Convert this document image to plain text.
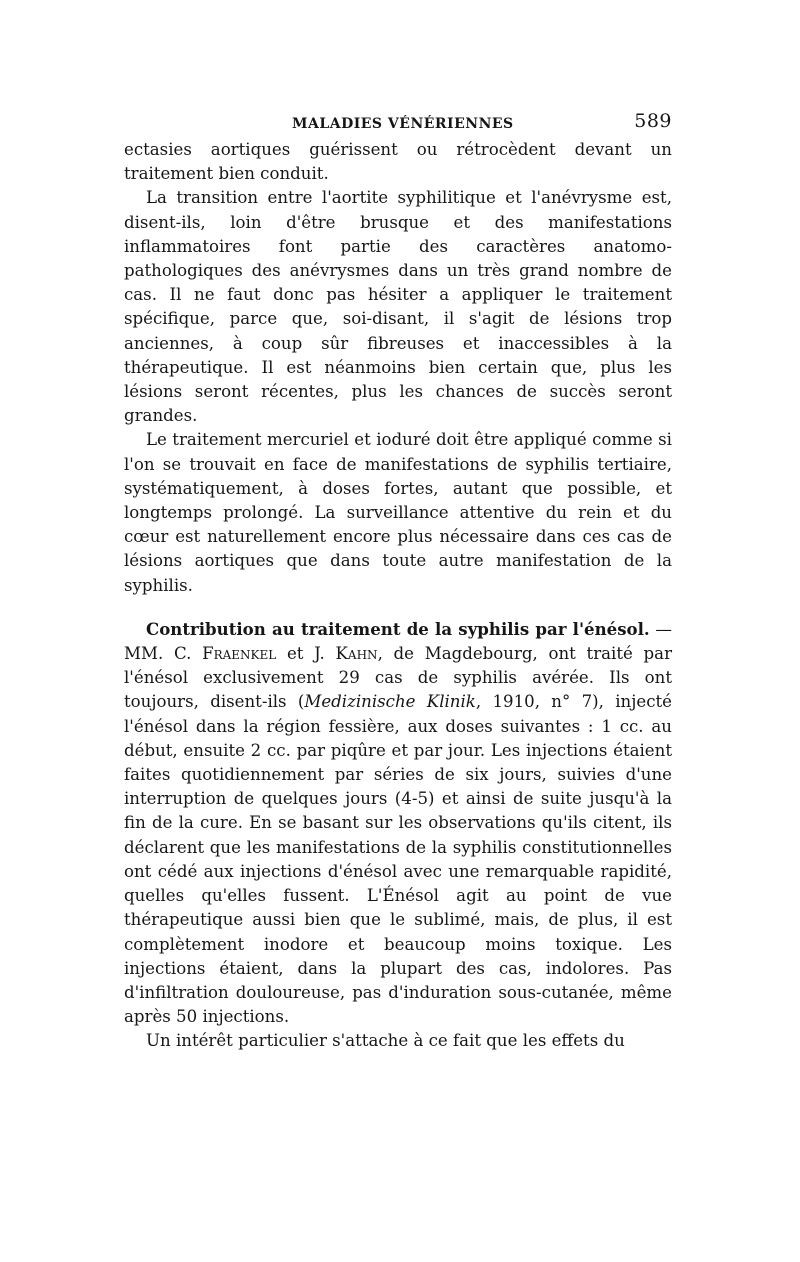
MALADIES VÉNÉRIENNES	589

ectasies aortiques guérissent ou rétrocèdent devant un traitement bien conduit.

La transition entre l'aortite syphilitique et l'anévrysme est, disent-ils, loin d'être brusque et des manifestations inflammatoires font partie des caractères anatomo-pathologiques des anévrysmes dans un très grand nombre de cas. Il ne faut donc pas hésiter a appliquer le traitement spécifique, parce que, soi-disant, il s'agit de lésions trop anciennes, à coup sûr fibreuses et inaccessibles à la thérapeutique. Il est néanmoins bien certain que, plus les lésions seront récentes, plus les chances de succès seront grandes.

Le traitement mercuriel et ioduré doit être appliqué comme si l'on se trouvait en face de manifestations de syphilis tertiaire, systématiquement, à doses fortes, autant que possible, et longtemps prolongé. La surveillance attentive du rein et du cœur est naturellement encore plus nécessaire dans ces cas de lésions aortiques que dans toute autre manifestation de la syphilis.

Contribution au traitement de la syphilis par l'énésol. — MM. C. Fraenkel et J. Kahn, de Magdebourg, ont traité par l'énésol exclusivement 29 cas de syphilis avérée. Ils ont toujours, disent-ils (Medizinische Klinik, 1910, n° 7), injecté l'énésol dans la région fessière, aux doses suivantes : 1 cc. au début, ensuite 2 cc. par piqûre et par jour. Les injections étaient faites quotidiennement par séries de six jours, suivies d'une interruption de quelques jours (4-5) et ainsi de suite jusqu'à la fin de la cure. En se basant sur les observations qu'ils citent, ils déclarent que les manifestations de la syphilis constitutionnelles ont cédé aux injections d'énésol avec une remarquable rapidité, quelles qu'elles fussent. L'Énésol agit au point de vue thérapeutique aussi bien que le sublimé, mais, de plus, il est complètement inodore et beaucoup moins toxique. Les injections étaient, dans la plupart des cas, indolores. Pas d'infiltration douloureuse, pas d'induration sous-cutanée, même après 50 injections.

Un intérêt particulier s'attache à ce fait que les effets du
